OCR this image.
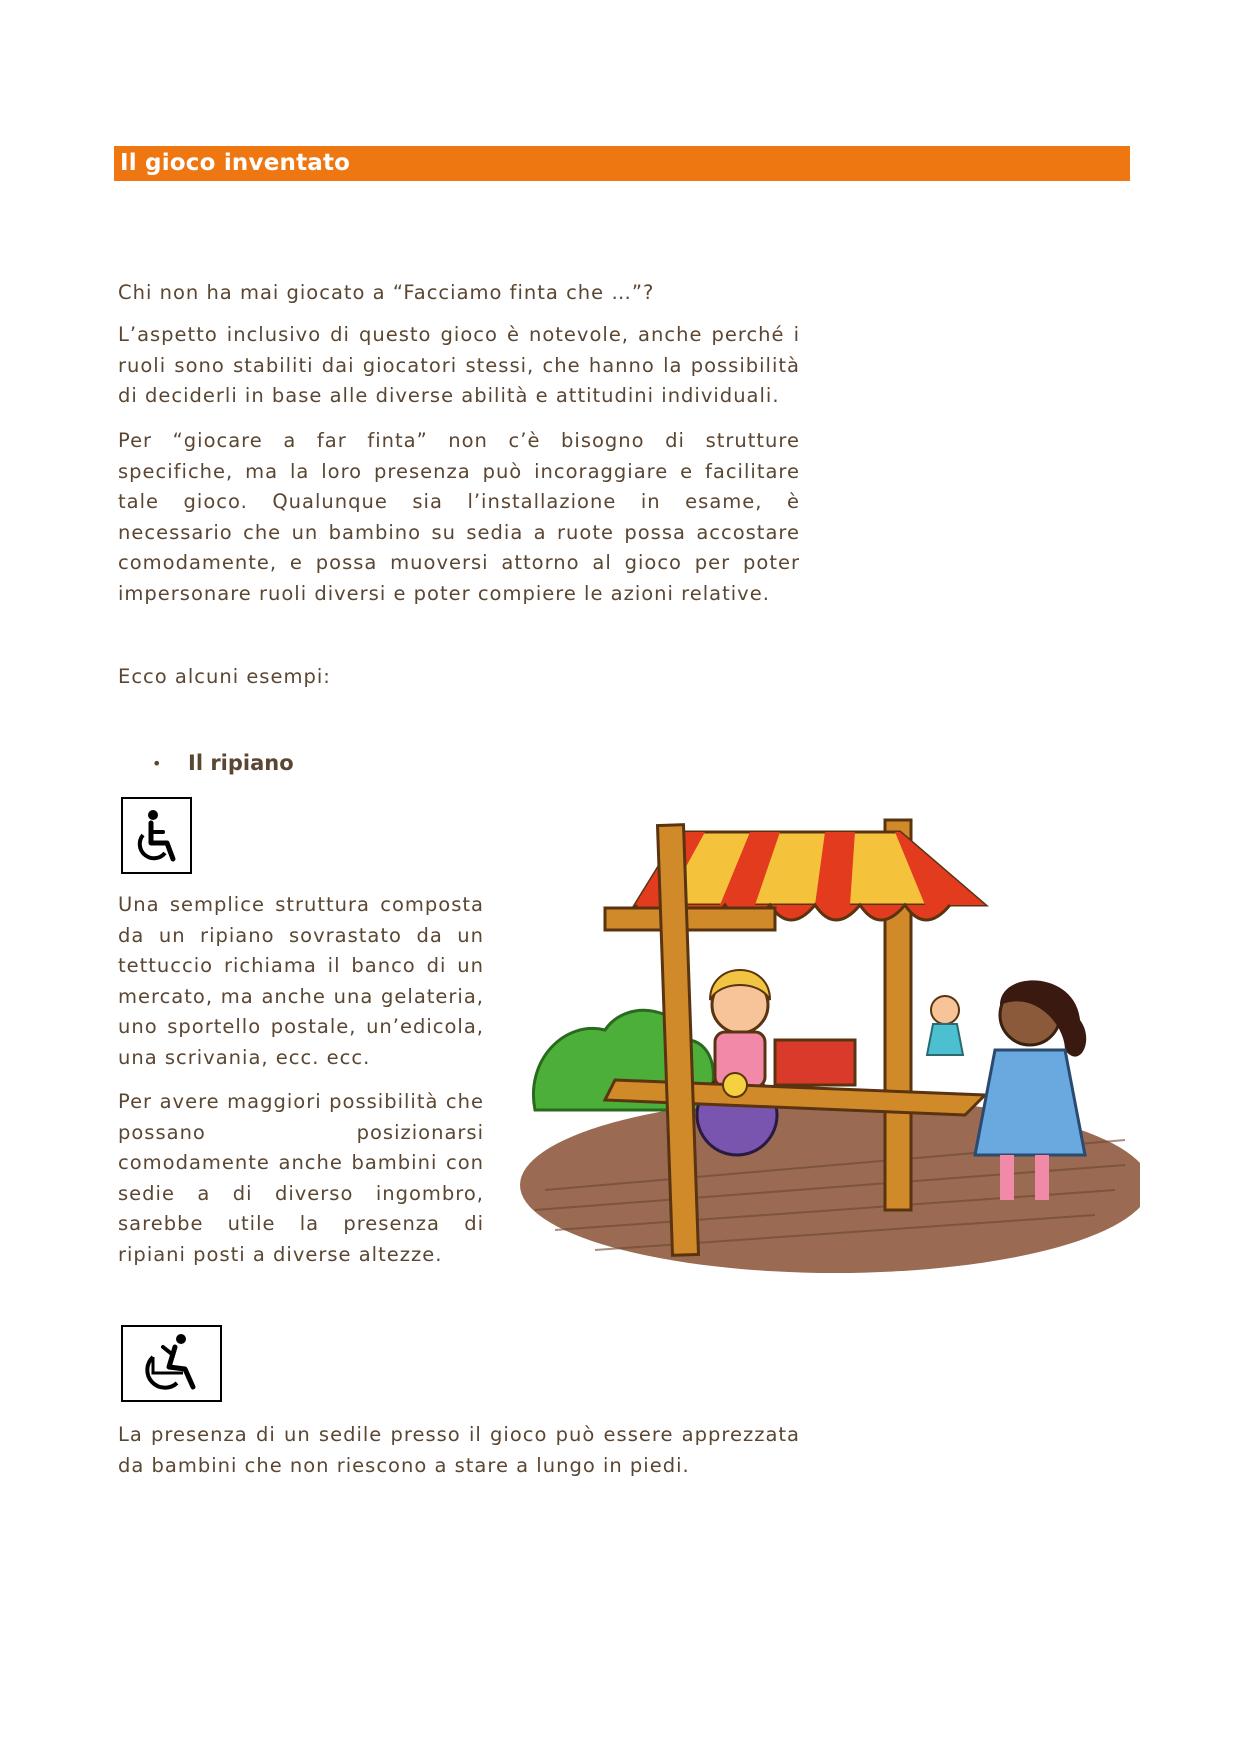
Il gioco inventato

Chi non ha mai giocato a “Facciamo finta che …”?

L’aspetto inclusivo di questo gioco è notevole, anche perché i ruoli sono stabiliti dai giocatori stessi, che hanno la possibilità di deciderli in base alle diverse abilità e attitudini individuali.

Per “giocare a far finta” non c’è bisogno di strutture specifiche, ma la loro presenza può incoraggiare e facilitare tale gioco. Qualunque sia l’installazione in esame, è necessario che un bambino su sedia a ruote possa accostare comodamente, e possa muoversi attorno al gioco per poter impersonare ruoli diversi e poter compiere le azioni relative.

Ecco alcuni esempi:

• Il ripiano

Una semplice struttura composta da un ripiano sovrastato da un tettuccio richiama il banco di un mercato, ma anche una gelateria, uno sportello postale, un’edicola, una scrivania, ecc. ecc.

Per avere maggiori possibilità che possano posizionarsi comodamente anche bambini con sedie a di diverso ingombro, sarebbe utile la presenza di ripiani posti a diverse altezze.

La presenza di un sedile presso il gioco può essere apprezzata da bambini che non riescono a stare a lungo in piedi.
